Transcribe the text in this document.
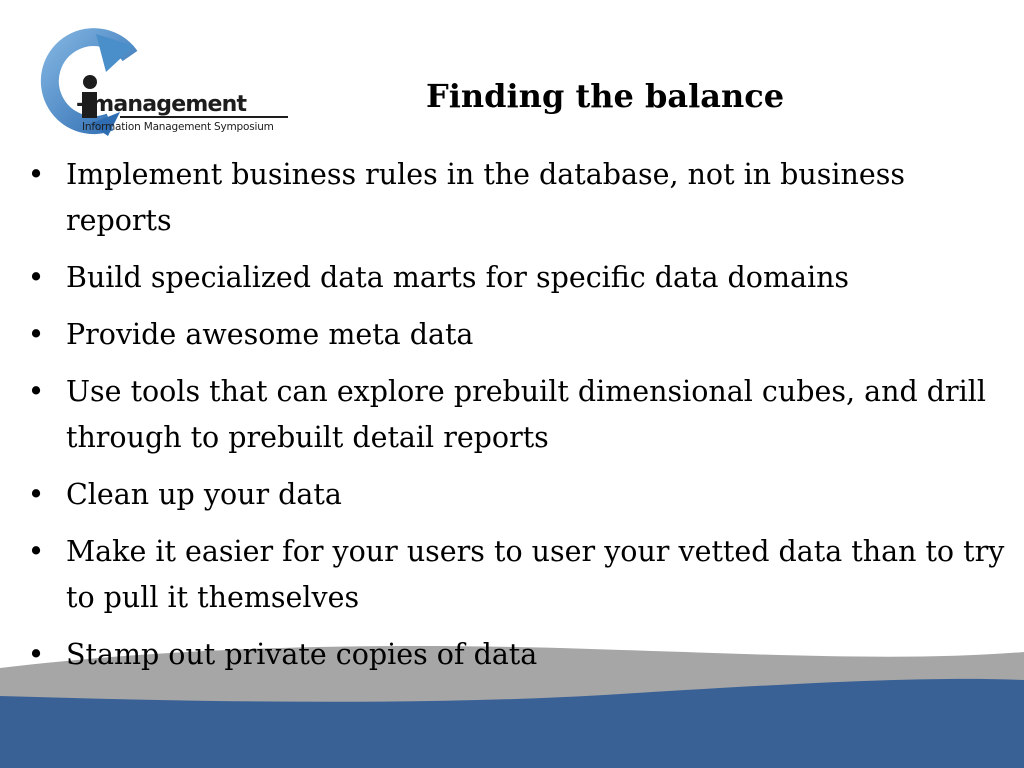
- management
Information Management Symposium
Finding the balance
• Implement business rules in the database, not in business reports
• Build specialized data marts for specific data domains
• Provide awesome meta data
• Use tools that can explore prebuilt dimensional cubes, and drill through to prebuilt detail reports
• Clean up your data
• Make it easier for your users to user your vetted data than to try to pull it themselves
• Stamp out private copies of data
